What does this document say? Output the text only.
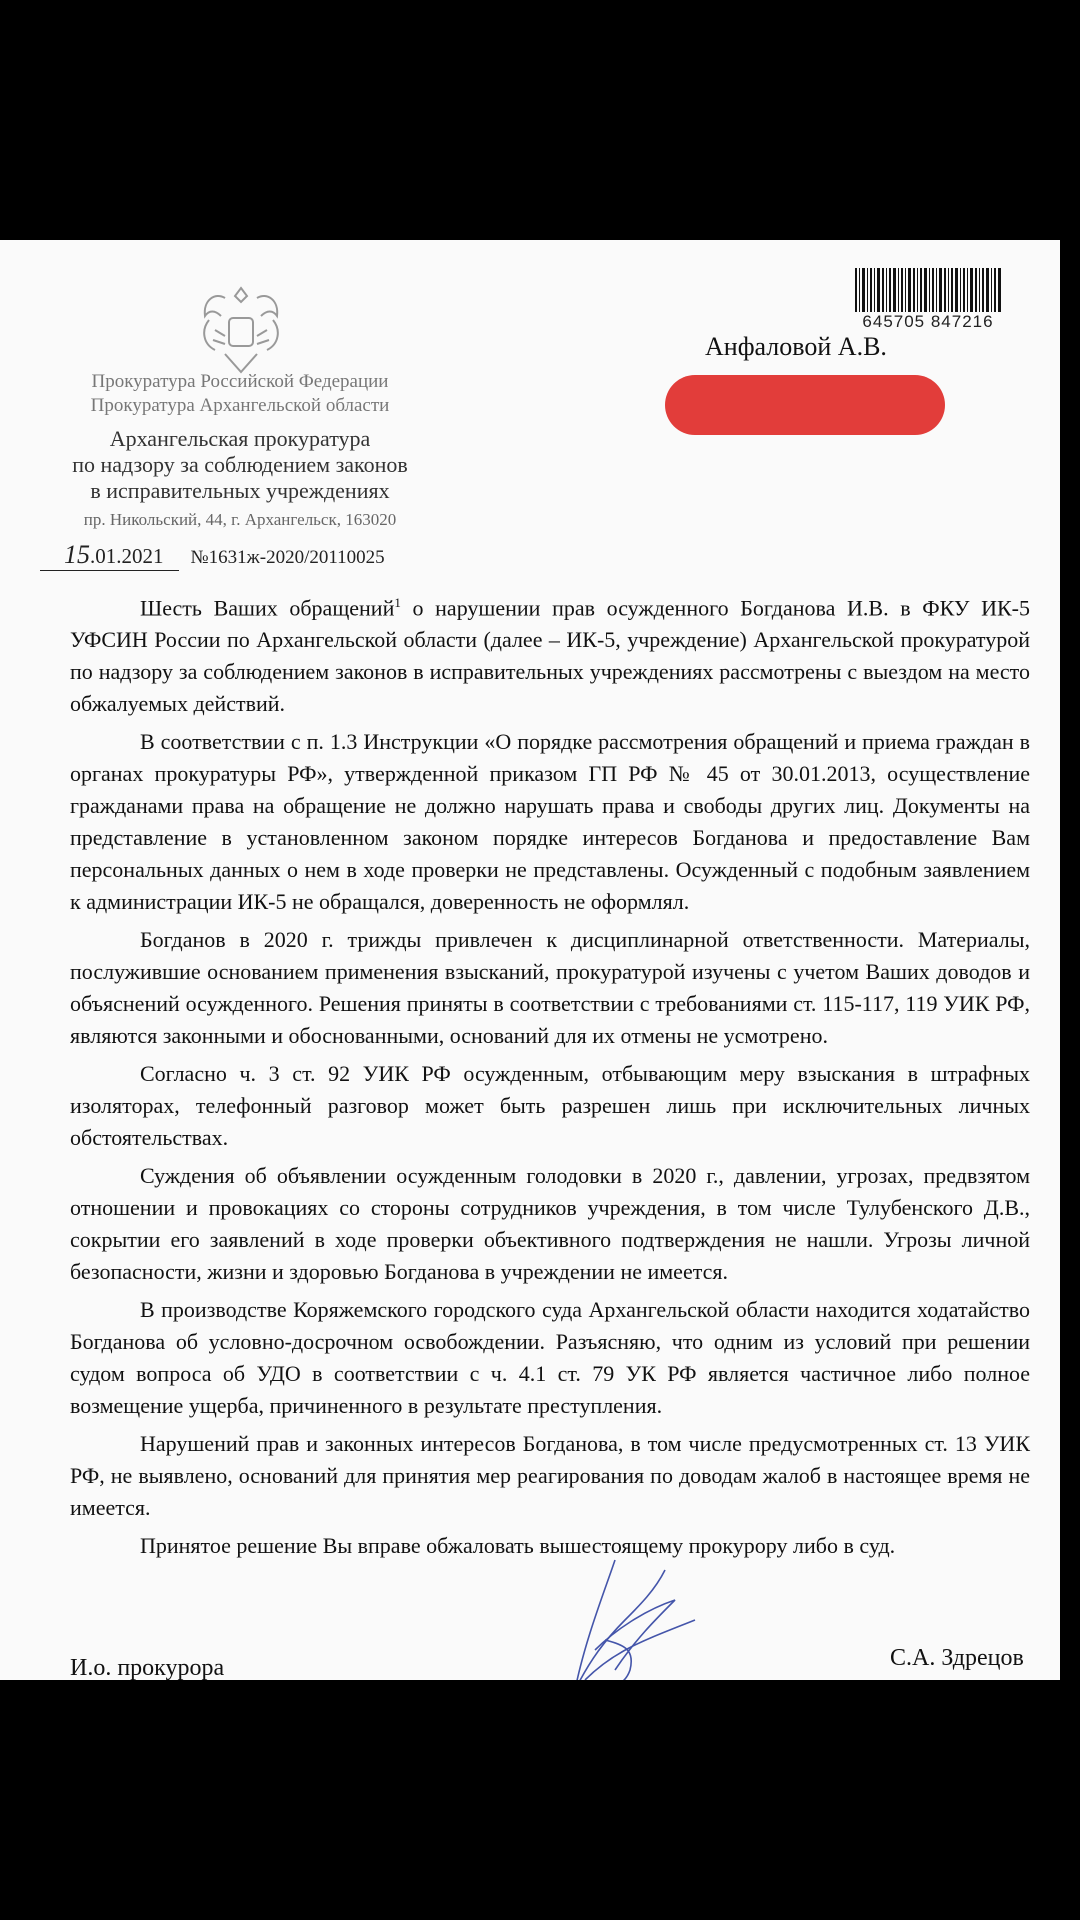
645705 847216
Анфаловой А.В.
Прокуратура Российской Федерации
Прокуратура Архангельской области
Архангельская прокуратура
по надзору за соблюдением законов
в исправительных учреждениях
пр. Никольский, 44, г. Архангельск, 163020
15.01.2021 №1631ж-2020/20110025

Шесть Ваших обращений$^1$ о нарушении прав осужденного Богданова И.В. в ФКУ ИК-5 УФСИН России по Архангельской области (далее – ИК-5, учреждение) Архангельской прокуратурой по надзору за соблюдением законов в исправительных учреждениях рассмотрены с выездом на место обжалуемых действий.

В соответствии с п. 1.3 Инструкции «О порядке рассмотрения обращений и приема граждан в органах прокуратуры РФ», утвержденной приказом ГП РФ № 45 от 30.01.2013, осуществление гражданами права на обращение не должно нарушать права и свободы других лиц. Документы на представление в установленном законом порядке интересов Богданова и предоставление Вам персональных данных о нем в ходе проверки не представлены. Осужденный с подобным заявлением к администрации ИК-5 не обращался, доверенность не оформлял.

Богданов в 2020 г. трижды привлечен к дисциплинарной ответственности. Материалы, послужившие основанием применения взысканий, прокуратурой изучены с учетом Ваших доводов и объяснений осужденного. Решения приняты в соответствии с требованиями ст. 115-117, 119 УИК РФ, являются законными и обоснованными, оснований для их отмены не усмотрено.

Согласно ч. 3 ст. 92 УИК РФ осужденным, отбывающим меру взыскания в штрафных изоляторах, телефонный разговор может быть разрешен лишь при исключительных личных обстоятельствах.

Суждения об объявлении осужденным голодовки в 2020 г., давлении, угрозах, предвзятом отношении и провокациях со стороны сотрудников учреждения, в том числе Тулубенского Д.В., сокрытии его заявлений в ходе проверки объективного подтверждения не нашли. Угрозы личной безопасности, жизни и здоровью Богданова в учреждении не имеется.

В производстве Коряжемского городского суда Архангельской области находится ходатайство Богданова об условно-досрочном освобождении. Разъясняю, что одним из условий при решении судом вопроса об УДО в соответствии с ч. 4.1 ст. 79 УК РФ является частичное либо полное возмещение ущерба, причиненного в результате преступления.

Нарушений прав и законных интересов Богданова, в том числе предусмотренных ст. 13 УИК РФ, не выявлено, оснований для принятия мер реагирования по доводам жалоб в настоящее время не имеется.

Принятое решение Вы вправе обжаловать вышестоящему прокурору либо в суд.

И.о. прокурора	С.А. Здрецов
